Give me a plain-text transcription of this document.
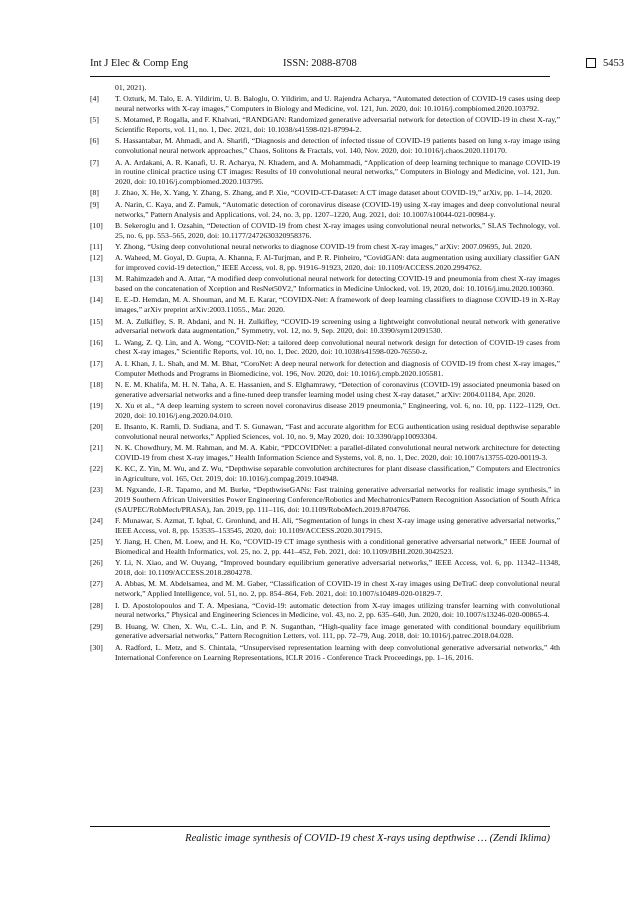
Int J Elec & Comp Eng	ISSN: 2088-8708	5453
01, 2021).
[4] T. Ozturk, M. Talo, E. A. Yildirim, U. B. Baloglu, O. Yildirim, and U. Rajendra Acharya, “Automated detection of COVID-19 cases using deep neural networks with X-ray images,” Computers in Biology and Medicine, vol. 121, Jun. 2020, doi: 10.1016/j.compbiomed.2020.103792.
[5] S. Motamed, P. Rogalla, and F. Khalvati, “RANDGAN: Randomized generative adversarial network for detection of COVID-19 in chest X-ray,” Scientific Reports, vol. 11, no. 1, Dec. 2021, doi: 10.1038/s41598-021-87994-2.
[6] S. Hassantabar, M. Ahmadi, and A. Sharifi, “Diagnosis and detection of infected tissue of COVID-19 patients based on lung x-ray image using convolutional neural network approaches,” Chaos, Solitons & Fractals, vol. 140, Nov. 2020, doi: 10.1016/j.chaos.2020.110170.
[7] A. A. Ardakani, A. R. Kanafi, U. R. Acharya, N. Khadem, and A. Mohammadi, “Application of deep learning technique to manage COVID-19 in routine clinical practice using CT images: Results of 10 convolutional neural networks,” Computers in Biology and Medicine, vol. 121, Jun. 2020, doi: 10.1016/j.compbiomed.2020.103795.
[8] J. Zhao, X. He, X. Yang, Y. Zhang, S. Zhang, and P. Xie, “COVID-CT-Dataset: A CT image dataset about COVID-19,” arXiv, pp. 1–14, 2020.
[9] A. Narin, C. Kaya, and Z. Pamuk, “Automatic detection of coronavirus disease (COVID-19) using X-ray images and deep convolutional neural networks,” Pattern Analysis and Applications, vol. 24, no. 3, pp. 1207–1220, Aug. 2021, doi: 10.1007/s10044-021-00984-y.
[10] B. Sekeroglu and I. Ozsahin, “Detection of COVID-19 from chest X-ray images using convolutional neural networks,” SLAS Technology, vol. 25, no. 6, pp. 553–565, 2020, doi: 10.1177/2472630320958376.
[11] Y. Zhong, “Using deep convolutional neural networks to diagnose COVID-19 from chest X-ray images,” arXiv: 2007.09695, Jul. 2020.
[12] A. Waheed, M. Goyal, D. Gupta, A. Khanna, F. Al-Turjman, and P. R. Pinheiro, “CovidGAN: data augmentation using auxiliary classifier GAN for improved covid-19 detection,” IEEE Access, vol. 8, pp. 91916–91923, 2020, doi: 10.1109/ACCESS.2020.2994762.
[13] M. Rahimzadeh and A. Attar, “A modified deep convolutional neural network for detecting COVID-19 and pneumonia from chest X-ray images based on the concatenation of Xception and ResNet50V2,” Informatics in Medicine Unlocked, vol. 19, 2020, doi: 10.1016/j.imu.2020.100360.
[14] E. E.-D. Hemdan, M. A. Shouman, and M. E. Karar, “COVIDX-Net: A framework of deep learning classifiers to diagnose COVID-19 in X-Ray images,” arXiv preprint arXiv:2003.11055., Mar. 2020.
[15] M. A. Zulkifley, S. R. Abdani, and N. H. Zulkifley, “COVID-19 screening using a lightweight convolutional neural network with generative adversarial network data augmentation,” Symmetry, vol. 12, no. 9, Sep. 2020, doi: 10.3390/sym12091530.
[16] L. Wang, Z. Q. Lin, and A. Wong, “COVID-Net: a tailored deep convolutional neural network design for detection of COVID-19 cases from chest X-ray images,” Scientific Reports, vol. 10, no. 1, Dec. 2020, doi: 10.1038/s41598-020-76550-z.
[17] A. I. Khan, J. L. Shah, and M. M. Bhat, “CoroNet: A deep neural network for detection and diagnosis of COVID-19 from chest X-ray images,” Computer Methods and Programs in Biomedicine, vol. 196, Nov. 2020, doi: 10.1016/j.cmpb.2020.105581.
[18] N. E. M. Khalifa, M. H. N. Taha, A. E. Hassanien, and S. Elghamrawy, “Detection of coronavirus (COVID-19) associated pneumonia based on generative adversarial networks and a fine-tuned deep transfer learning model using chest X-ray dataset,” arXiv: 2004.01184, Apr. 2020.
[19] X. Xu et al., “A deep learning system to screen novel coronavirus disease 2019 pneumonia,” Engineering, vol. 6, no. 10, pp. 1122–1129, Oct. 2020, doi: 10.1016/j.eng.2020.04.010.
[20] E. Ihsanto, K. Ramli, D. Sudiana, and T. S. Gunawan, “Fast and accurate algorithm for ECG authentication using residual depthwise separable convolutional neural networks,” Applied Sciences, vol. 10, no. 9, May 2020, doi: 10.3390/app10093304.
[21] N. K. Chowdhury, M. M. Rahman, and M. A. Kabir, “PDCOVIDNet: a parallel-dilated convolutional neural network architecture for detecting COVID-19 from chest X-ray images,” Health Information Science and Systems, vol. 8, no. 1, Dec. 2020, doi: 10.1007/s13755-020-00119-3.
[22] K. KC, Z. Yin, M. Wu, and Z. Wu, “Depthwise separable convolution architectures for plant disease classification,” Computers and Electronics in Agriculture, vol. 165, Oct. 2019, doi: 10.1016/j.compag.2019.104948.
[23] M. Ngxande, J.-R. Tapamo, and M. Burke, “DepthwiseGANs: Fast training generative adversarial networks for realistic image synthesis,” in 2019 Southern African Universities Power Engineering Conference/Robotics and Mechatronics/Pattern Recognition Association of South Africa (SAUPEC/RobMech/PRASA), Jan. 2019, pp. 111–116, doi: 10.1109/RoboMech.2019.8704766.
[24] F. Munawar, S. Azmat, T. Iqbal, C. Gronlund, and H. Ali, “Segmentation of lungs in chest X-ray image using generative adversarial networks,” IEEE Access, vol. 8, pp. 153535–153545, 2020, doi: 10.1109/ACCESS.2020.3017915.
[25] Y. Jiang, H. Chen, M. Loew, and H. Ko, “COVID-19 CT image synthesis with a conditional generative adversarial network,” IEEE Journal of Biomedical and Health Informatics, vol. 25, no. 2, pp. 441–452, Feb. 2021, doi: 10.1109/JBHI.2020.3042523.
[26] Y. Li, N. Xiao, and W. Ouyang, “Improved boundary equilibrium generative adversarial networks,” IEEE Access, vol. 6, pp. 11342–11348, 2018, doi: 10.1109/ACCESS.2018.2804278.
[27] A. Abbas, M. M. Abdelsamea, and M. M. Gaber, “Classification of COVID-19 in chest X-ray images using DeTraC deep convolutional neural network,” Applied Intelligence, vol. 51, no. 2, pp. 854–864, Feb. 2021, doi: 10.1007/s10489-020-01829-7.
[28] I. D. Apostolopoulos and T. A. Mpesiana, “Covid-19: automatic detection from X-ray images utilizing transfer learning with convolutional neural networks,” Physical and Engineering Sciences in Medicine, vol. 43, no. 2, pp. 635–640, Jun. 2020, doi: 10.1007/s13246-020-00865-4.
[29] B. Huang, W. Chen, X. Wu, C.-L. Lin, and P. N. Suganthan, “High-quality face image generated with conditional boundary equilibrium generative adversarial networks,” Pattern Recognition Letters, vol. 111, pp. 72–79, Aug. 2018, doi: 10.1016/j.patrec.2018.04.028.
[30] A. Radford, L. Metz, and S. Chintala, “Unsupervised representation learning with deep convolutional generative adversarial networks,” 4th International Conference on Learning Representations, ICLR 2016 - Conference Track Proceedings, pp. 1–16, 2016.
Realistic image synthesis of COVID-19 chest X-rays using depthwise … (Zendi Iklima)
